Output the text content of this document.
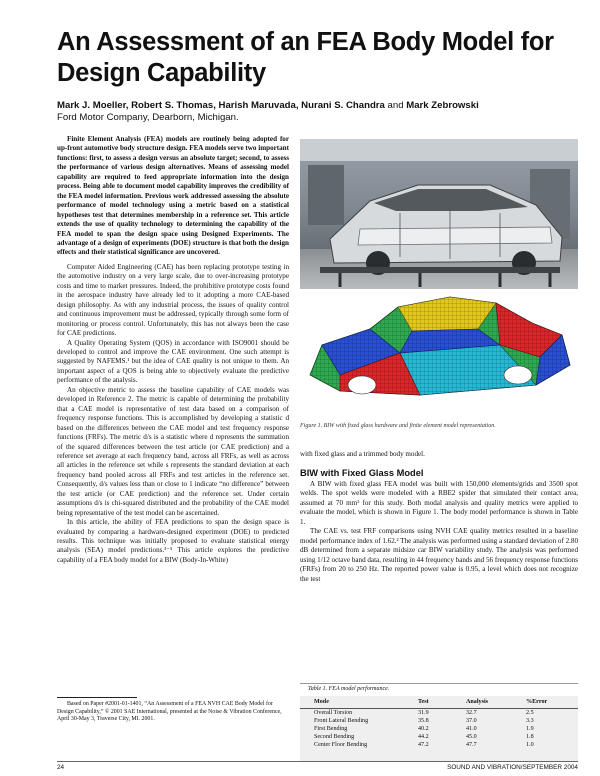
An Assessment of an FEA Body Model for Design Capability
Mark J. Moeller, Robert S. Thomas, Harish Maruvada, Nurani S. Chandra and Mark Zebrowski
Ford Motor Company, Dearborn, Michigan.

Finite Element Analysis (FEA) models are routinely being adopted for up-front automotive body structure design. FEA models serve two important functions: first, to assess a design versus an absolute target; second, to assess the performance of various design alternatives. Means of assessing model capability are required to feed appropriate information into the design process. Being able to document model capability improves the credibility of the FEA model information. Previous work addressed assessing the absolute performance of model technology using a metric based on a statistical hypotheses test that determines membership in a reference set. This article extends the use of quality technology to determining the capability of the FEA model to span the design space using Designed Experiments. The advantage of a design of experiments (DOE) structure is that both the design effects and their statistical significance are uncovered.

Computer Aided Engineering (CAE) has been replacing prototype testing in the automotive industry on a very large scale, due to over-increasing prototype costs and time to market pressures. Indeed, the prohibitive prototype costs found in the aerospace industry have already led to it adopting a more CAE-based design philosophy. As with any industrial process, the issues of quality control and continuous improvement must be addressed, typically through some form of monitoring or process control. Unfortunately, this has not always been the case for CAE predictions.

A Quality Operating System (QOS) in accordance with ISO9001 should be developed to control and improve the CAE environment. One such attempt is suggested by NAFEMS.¹ but the idea of CAE quality is not unique to them. An important aspect of a QOS is being able to objectively evaluate the predictive performance of the analysis.

An objective metric to assess the baseline capability of CAE models was developed in Reference 2. The metric is capable of determining the probability that a CAE model is representative of test data based on a comparison of frequency response functions. This is accomplished by developing a statistic d based on the differences between the CAE model and test frequency response functions (FRFs). The metric d/s is a statistic where d represents the summation of the squared differences between the test article (or CAE prediction) and a reference set average at each frequency band, across all FRFs, as well as across all articles in the reference set while s represents the standard deviation at each frequency band pooled across all FRFs and test articles in the reference set. Consequently, d/s values less than or close to 1 indicate “no difference” between the test article (or CAE prediction) and the reference set. Under certain assumptions d/s is chi-squared distributed and the probability of the CAE model being representative of the test model can be ascertained.

In this article, the ability of FEA predictions to span the design space is evaluated by comparing a hardware-designed experiment (DOE) to predicted results. This technique was initially proposed to evaluate statistical energy analysis (SEA) model predictions.³⁻⁵ This article explores the predictive capability of a FEA body model for a BIW (Body-In-White)

Based on Paper #2001-01-1401, “An Assessment of a FEA NVH CAE Body Model for Design Capability,” © 2001 SAE International, presented at the Noise & Vibration Conference, April 30-May 3, Traverse City, MI. 2001.

Figure 1. BIW with fixed glass hardware and finite element model representation.

with fixed glass and a trimmed body model.

BIW with Fixed Glass Model

A BIW with fixed glass FEA model was built with 150,000 elements/grids and 3500 spot welds. The spot welds were modeled with a RBE2 spider that simulated their contact area, assumed at 70 mm² for this study. Both modal analysis and quality metrics were applied to evaluate the model, which is shown in Figure 1. The body model performance is shown in Table 1.

The CAE vs. test FRF comparisons using NVH CAE quality metrics resulted in a baseline model performance index of 1.62.² The analysis was performed using a standard deviation of 2.80 dB determined from a separate midsize car BIW variability study. The analysis was performed using 1/12 octave band data, resulting in 44 frequency bands and 56 frequency response functions (FRFs) from 20 to 250 Hz. The reported power value is 0.95, a level which does not recognize the test

Table 1. FEA model performance.
Mode	Test	Analysis	%Error
Overall Torsion	31.9	32.7	2.5
Front Lateral Bending	35.8	37.0	3.3
First Bending	40.2	41.0	1.9
Second Bending	44.2	45.0	1.8
Center Floor Bending	47.2	47.7	1.0
24	SOUND AND VIBRATION/SEPTEMBER 2004
